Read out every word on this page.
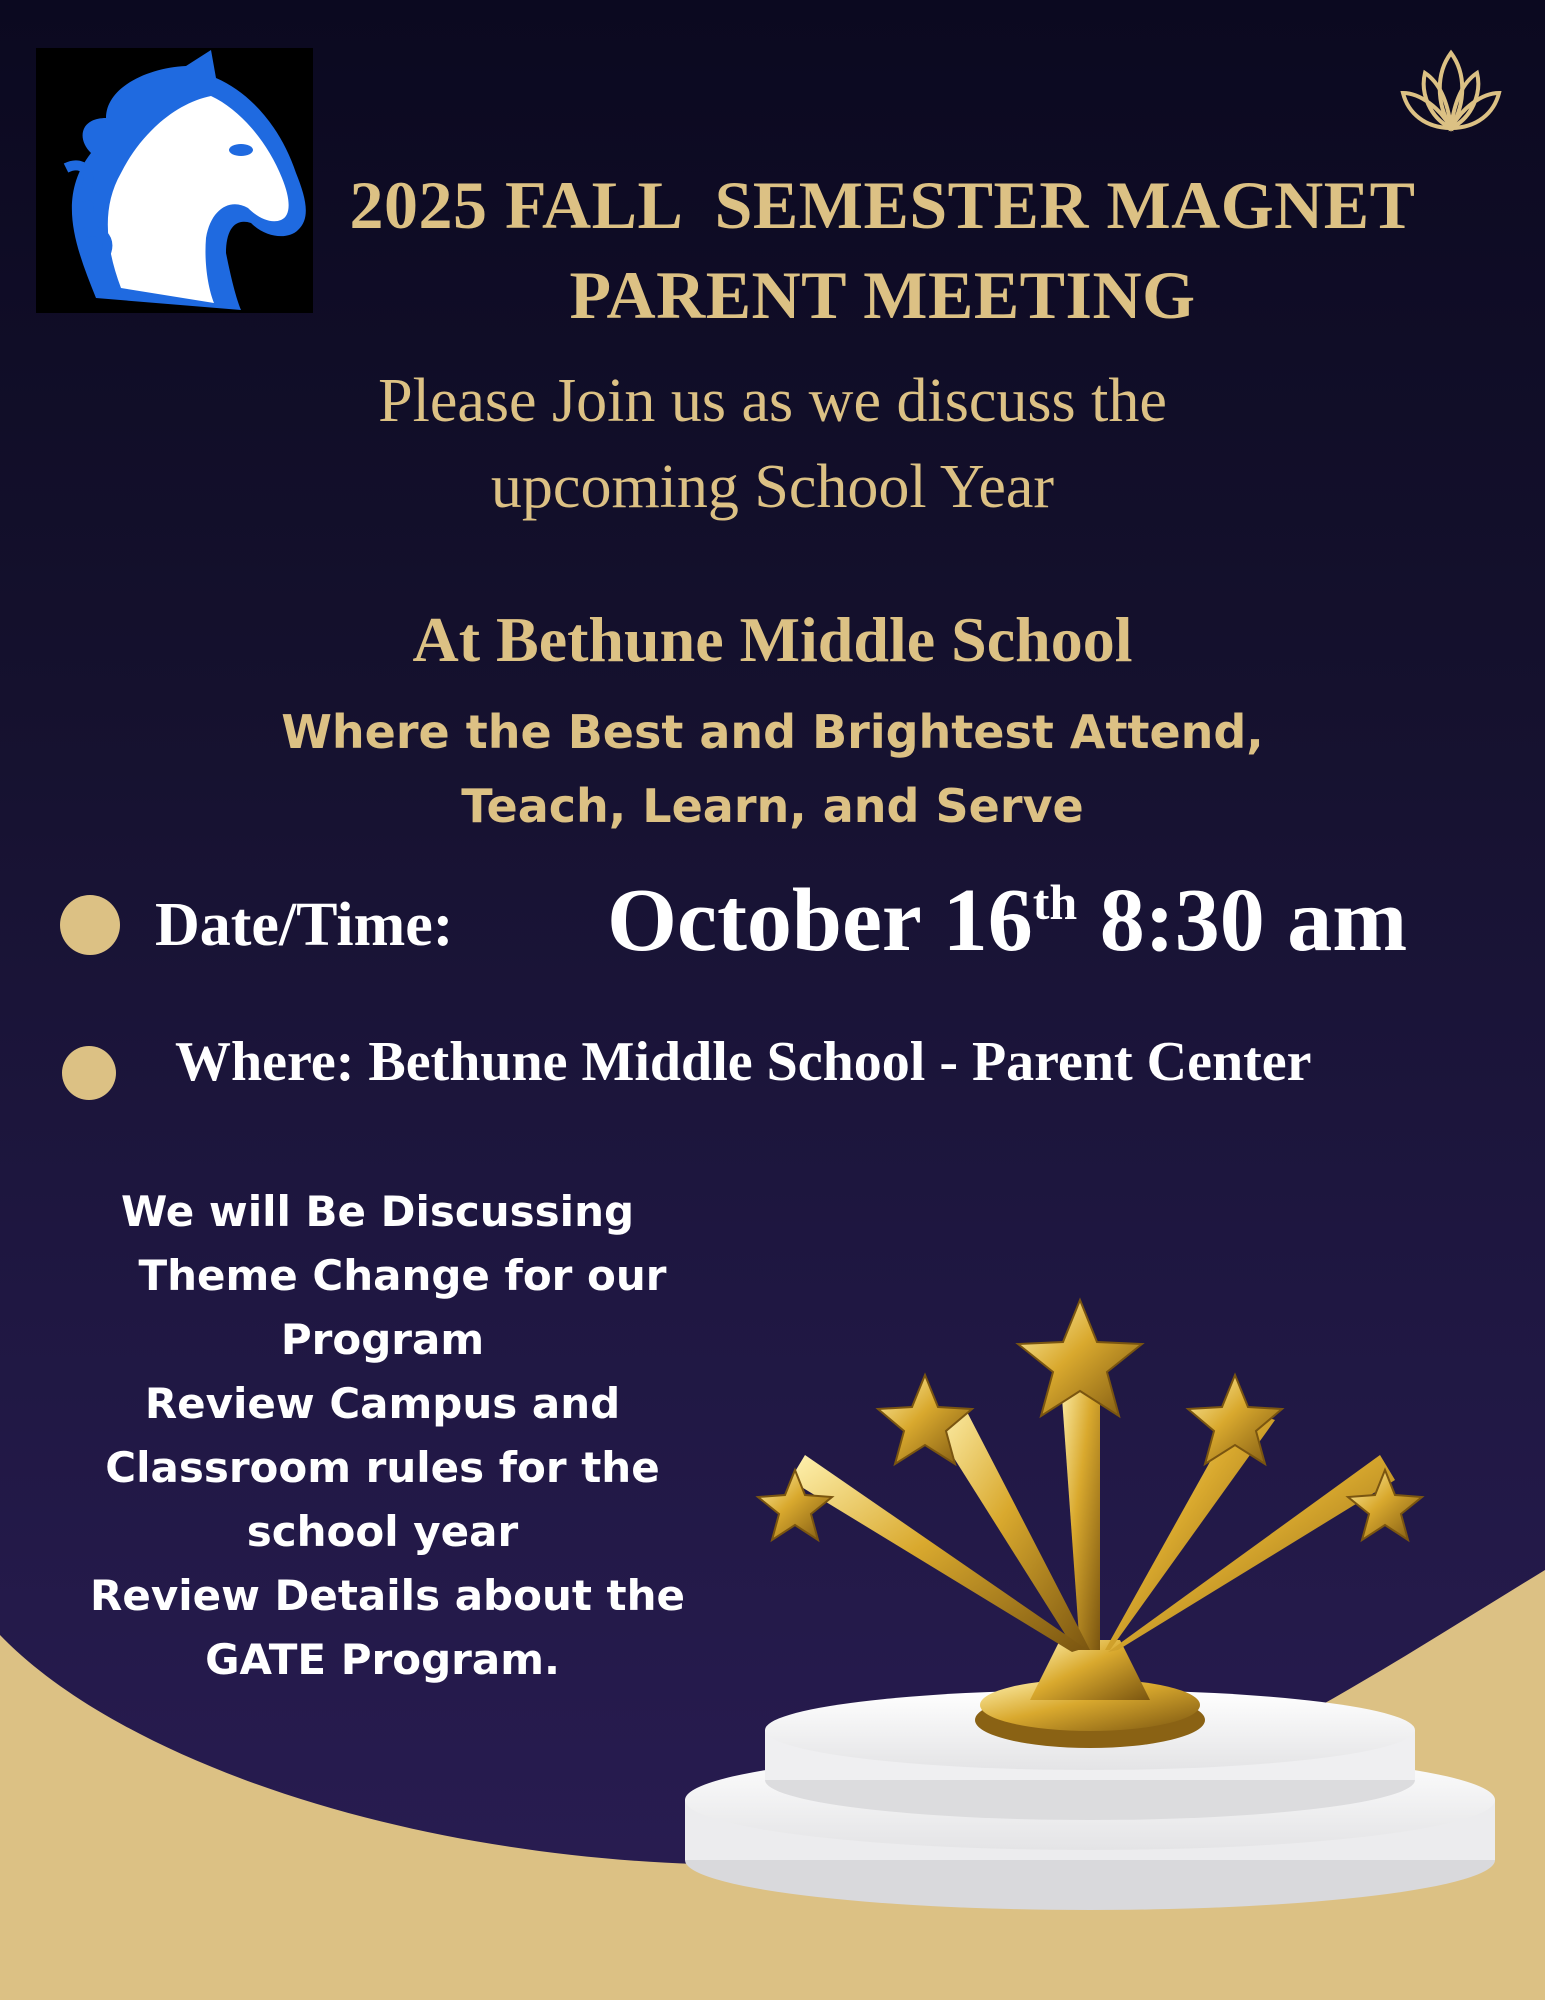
2025 FALL  SEMESTER MAGNET
PARENT MEETING
Please Join us as we discuss the
upcoming School Year
At Bethune Middle School
Where the Best and Brightest Attend,
Teach, Learn, and Serve
Date/Time: October 16th 8:30 am
Where: Bethune Middle School - Parent Center
We will Be Discussing
Theme Change for our
Program
Review Campus and
Classroom rules for the
school year
Review Details about the
GATE Program.
